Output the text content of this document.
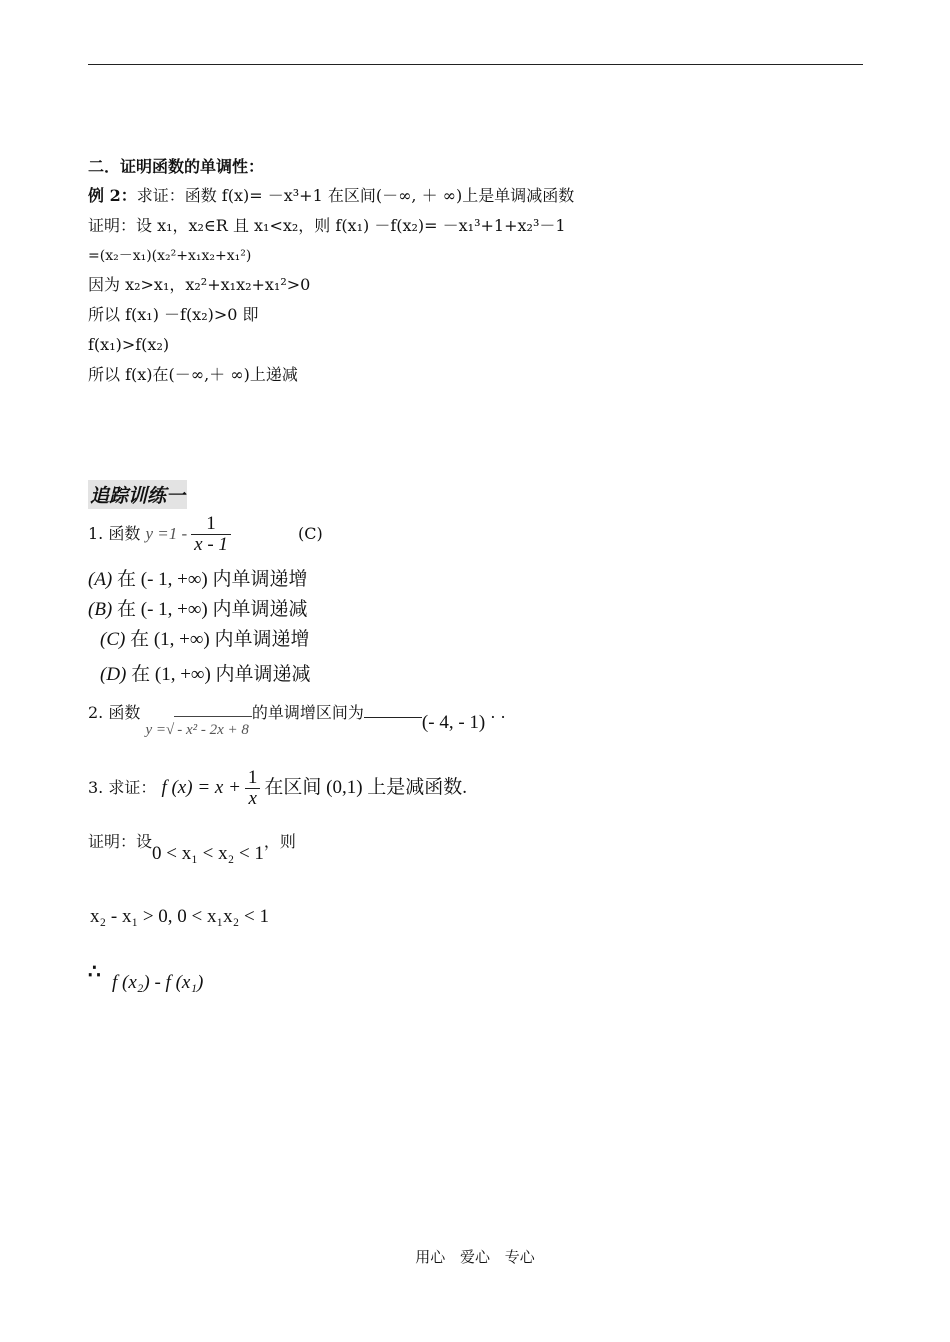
二．证明函数的单调性：
例 2：求证：函数 f(x)= －x³+1 在区间(－∞, ＋ ∞)上是单调减函数
证明：设 x₁，x₂∈R 且 x₁<x₂，则 f(x₁) －f(x₂)= －x₁³+1+x₂³－1
=(x₂－x₁)(x₂²+x₁x₂+x₁²)
因为 x₂>x₁，x₂²+x₁x₂+x₁²>0
所以 f(x₁) －f(x₂)>0 即
f(x₁)>f(x₂)
所以 f(x)在(－∞,＋ ∞)上递减
追踪训练一
1. 函数 $y =1 - \frac{1}{x - 1}$	(C)
(A) 在 (- 1, +∞) 内单调递增
(B) 在 (- 1, +∞) 内单调递减
(C) 在 (1, +∞) 内单调递增
(D) 在 (1, +∞) 内单调递减
2. 函数 y =√ - x² - 2x + 8的单调增区间为	(- 4, - 1) . .
3. 求证： f $(x) = x + \frac{1}{x}$ 在区间 (0,1) 上是减函数.
证明：设0 < x₁ < x₂ < 1，则
x₂ - x₁ > 0, 0 < x₁x₂ < 1
∴ f (x₂) - f (x₁)
用心 爱心 专心
